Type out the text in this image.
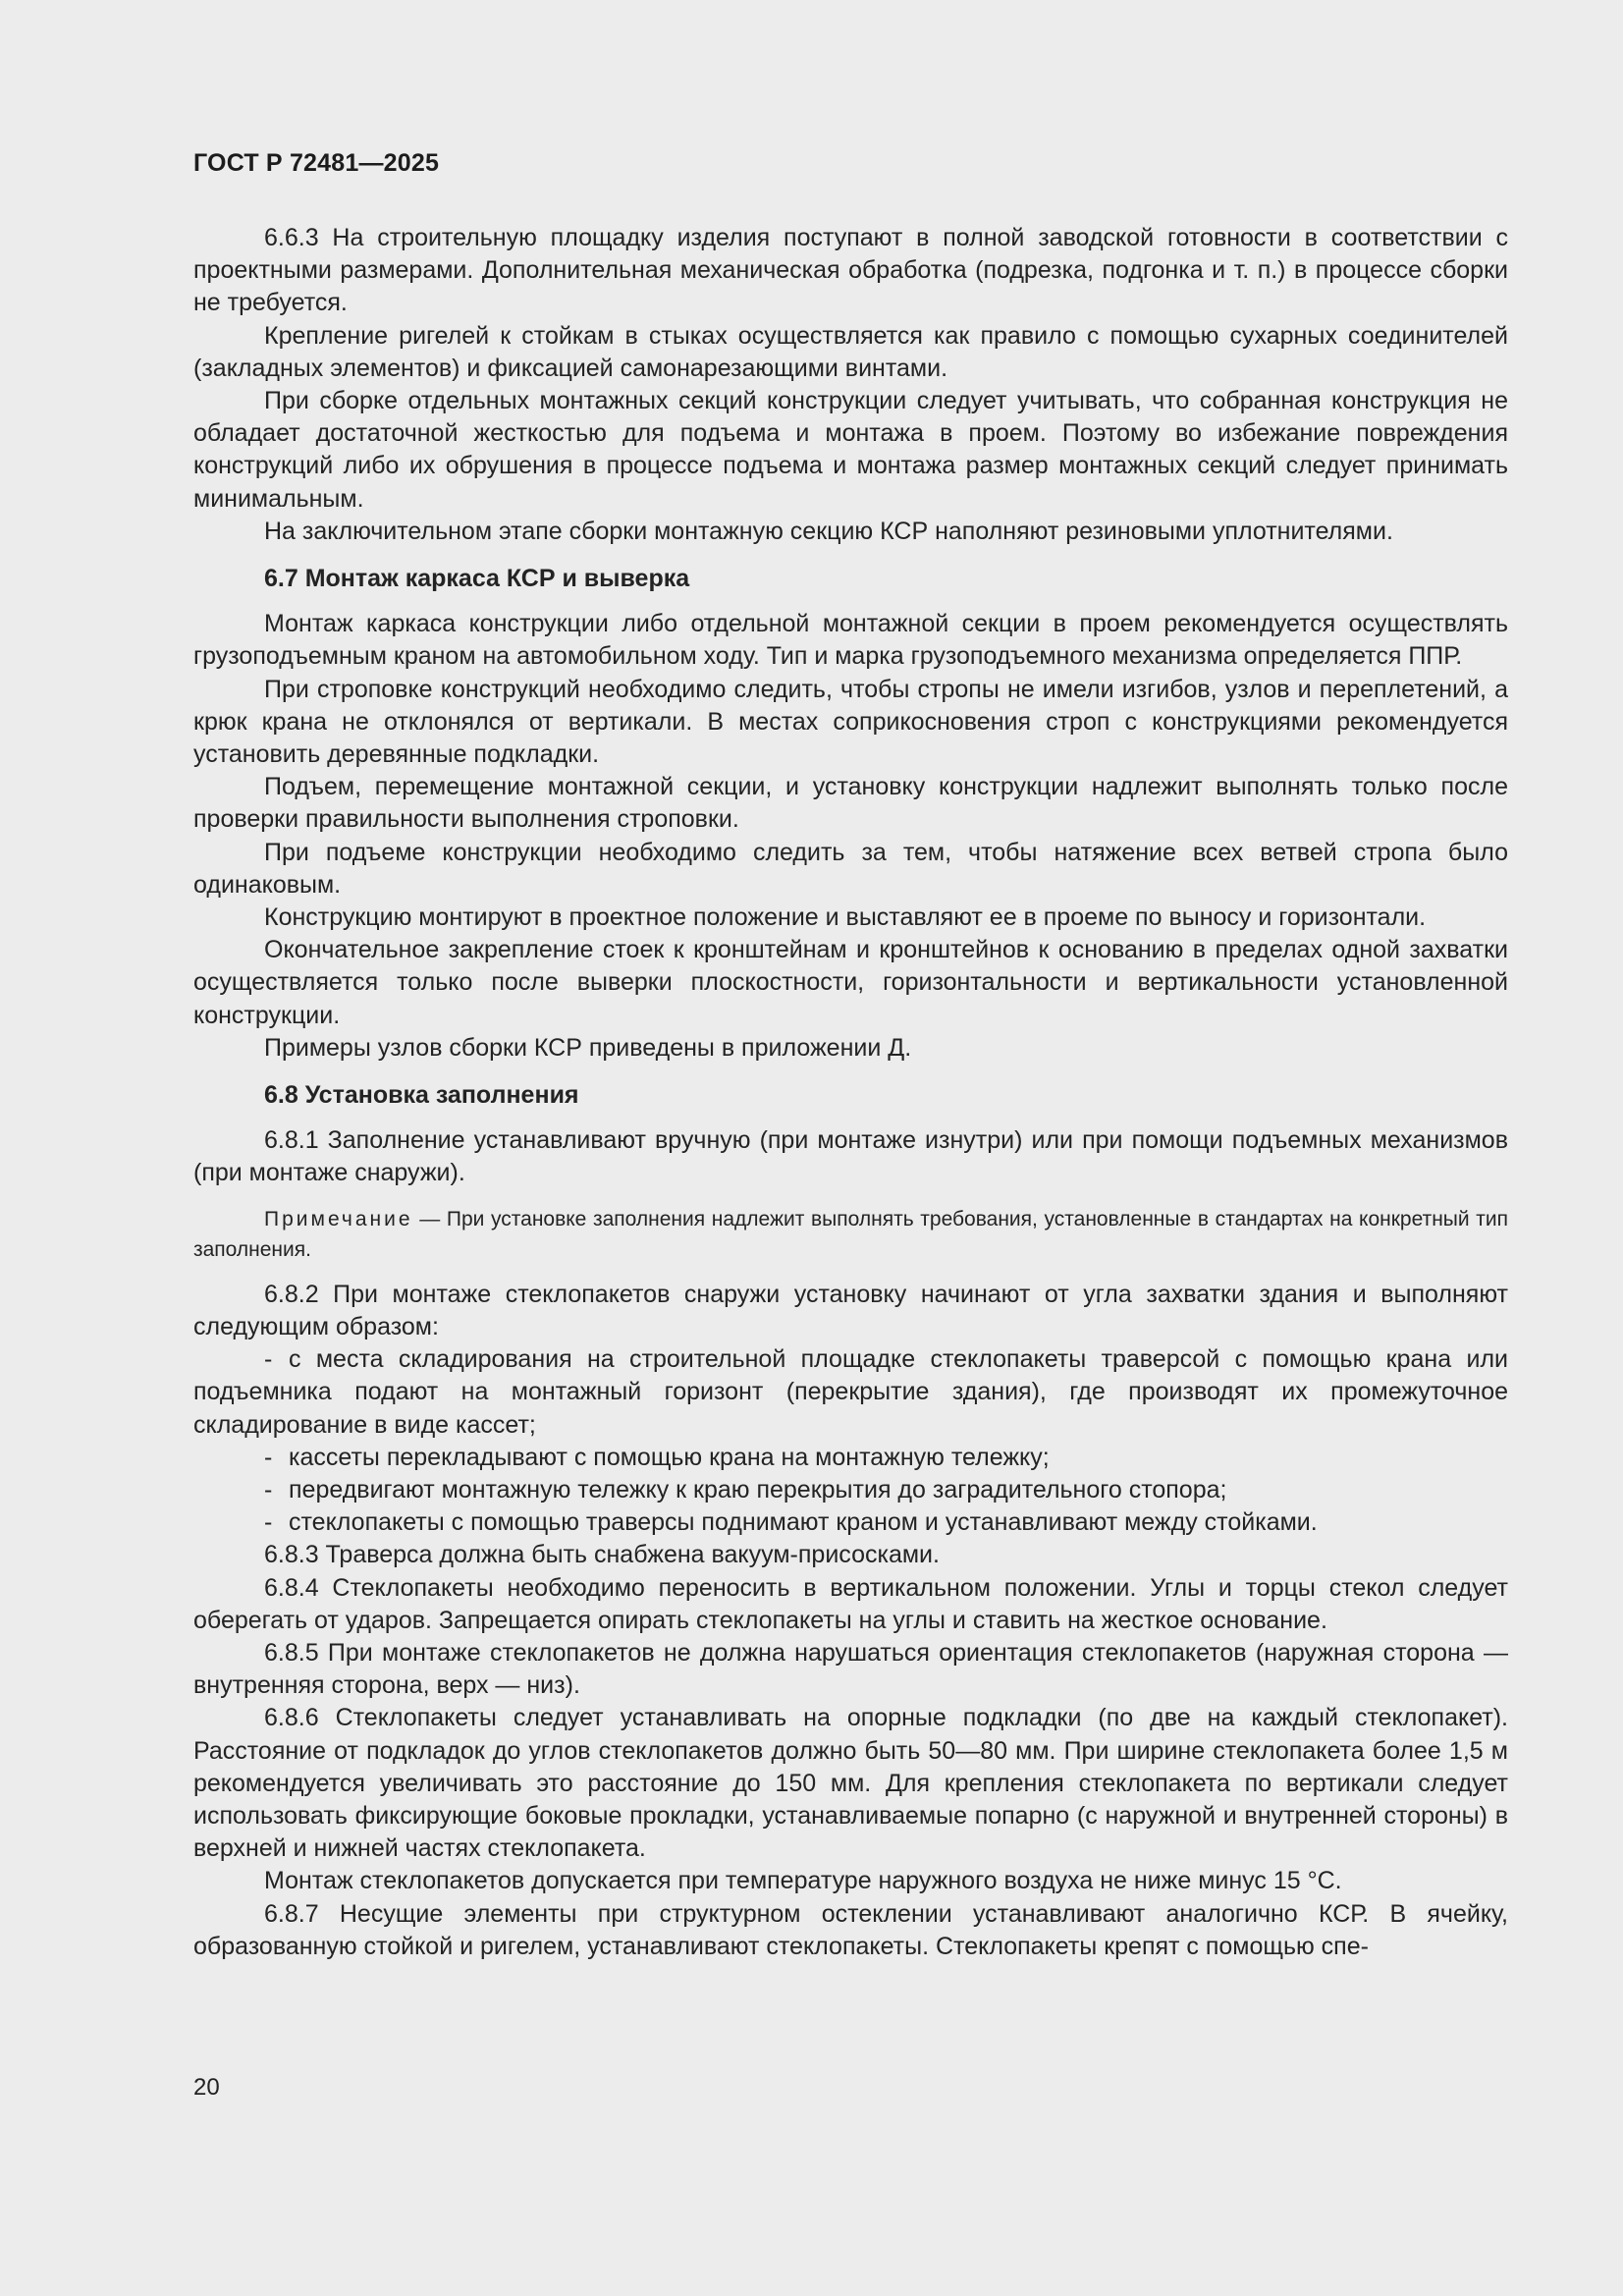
ГОСТ Р 72481—2025

6.6.3 На строительную площадку изделия поступают в полной заводской готовности в соответствии с проектными размерами. Дополнительная механическая обработка (подрезка, подгонка и т. п.) в процессе сборки не требуется.

Крепление ригелей к стойкам в стыках осуществляется как правило с помощью сухарных соединителей (закладных элементов) и фиксацией самонарезающими винтами.

При сборке отдельных монтажных секций конструкции следует учитывать, что собранная конструкция не обладает достаточной жесткостью для подъема и монтажа в проем. Поэтому во избежание повреждения конструкций либо их обрушения в процессе подъема и монтажа размер монтажных секций следует принимать минимальным.

На заключительном этапе сборки монтажную секцию КСР наполняют резиновыми уплотнителями.

6.7 Монтаж каркаса КСР и выверка

Монтаж каркаса конструкции либо отдельной монтажной секции в проем рекомендуется осуществлять грузоподъемным краном на автомобильном ходу. Тип и марка грузоподъемного механизма определяется ППР.

При строповке конструкций необходимо следить, чтобы стропы не имели изгибов, узлов и переплетений, а крюк крана не отклонялся от вертикали. В местах соприкосновения строп с конструкциями рекомендуется установить деревянные подкладки.

Подъем, перемещение монтажной секции, и установку конструкции надлежит выполнять только после проверки правильности выполнения строповки.

При подъеме конструкции необходимо следить за тем, чтобы натяжение всех ветвей стропа было одинаковым.

Конструкцию монтируют в проектное положение и выставляют ее в проеме по выносу и горизонтали.

Окончательное закрепление стоек к кронштейнам и кронштейнов к основанию в пределах одной захватки осуществляется только после выверки плоскостности, горизонтальности и вертикальности установленной конструкции.

Примеры узлов сборки КСР приведены в приложении Д.

6.8 Установка заполнения

6.8.1 Заполнение устанавливают вручную (при монтаже изнутри) или при помощи подъемных механизмов (при монтаже снаружи).

Примечание — При установке заполнения надлежит выполнять требования, установленные в стандартах на конкретный тип заполнения.

6.8.2 При монтаже стеклопакетов снаружи установку начинают от угла захватки здания и выполняют следующим образом:

- с места складирования на строительной площадке стеклопакеты траверсой с помощью крана или подъемника подают на монтажный горизонт (перекрытие здания), где производят их промежуточное складирование в виде кассет;

- кассеты перекладывают с помощью крана на монтажную тележку;

- передвигают монтажную тележку к краю перекрытия до заградительного стопора;

- стеклопакеты с помощью траверсы поднимают краном и устанавливают между стойками.

6.8.3 Траверса должна быть снабжена вакуум-присосками.

6.8.4 Стеклопакеты необходимо переносить в вертикальном положении. Углы и торцы стекол следует оберегать от ударов. Запрещается опирать стеклопакеты на углы и ставить на жесткое основание.

6.8.5 При монтаже стеклопакетов не должна нарушаться ориентация стеклопакетов (наружная сторона — внутренняя сторона, верх — низ).

6.8.6 Стеклопакеты следует устанавливать на опорные подкладки (по две на каждый стеклопакет). Расстояние от подкладок до углов стеклопакетов должно быть 50—80 мм. При ширине стеклопакета более 1,5 м рекомендуется увеличивать это расстояние до 150 мм. Для крепления стеклопакета по вертикали следует использовать фиксирующие боковые прокладки, устанавливаемые попарно (с наружной и внутренней стороны) в верхней и нижней частях стеклопакета.

Монтаж стеклопакетов допускается при температуре наружного воздуха не ниже минус 15 °С.

6.8.7 Несущие элементы при структурном остеклении устанавливают аналогично КСР. В ячейку, образованную стойкой и ригелем, устанавливают стеклопакеты. Стеклопакеты крепят с помощью спе-

20
